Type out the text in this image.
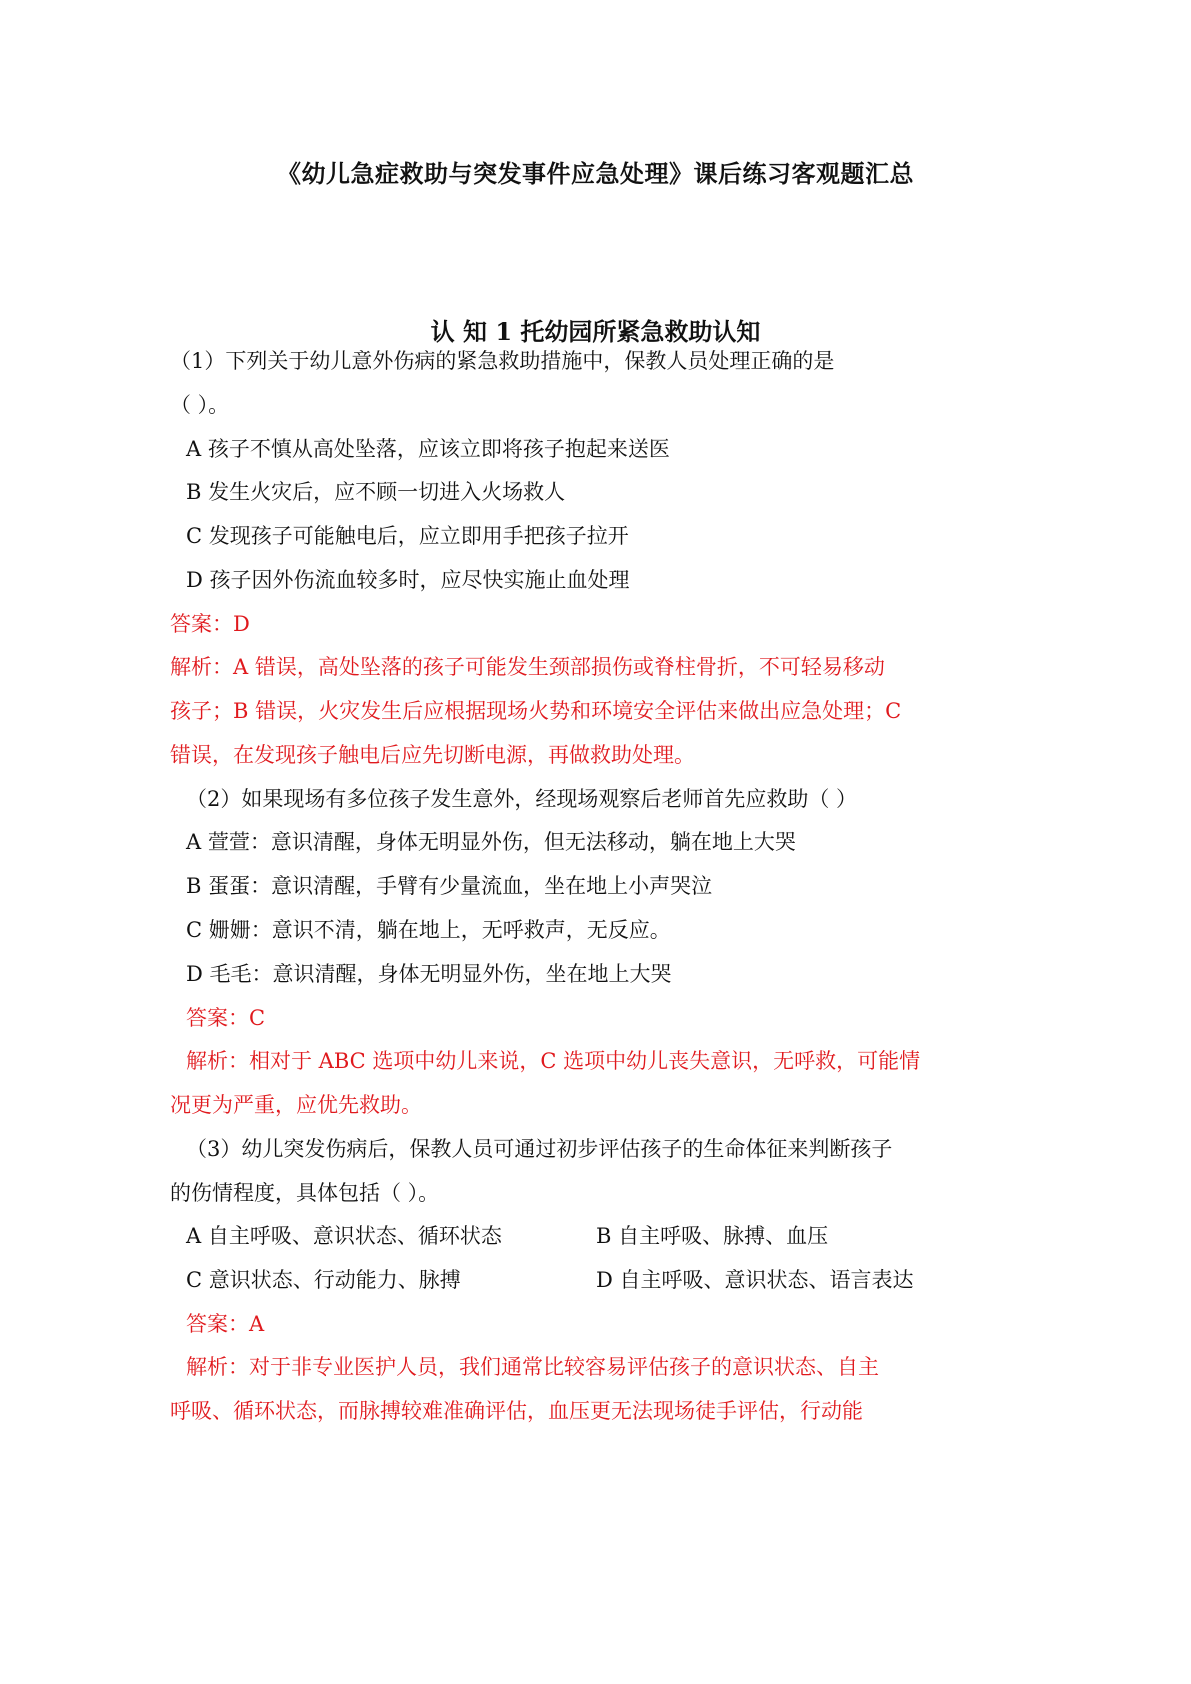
《幼儿急症救助与突发事件应急处理》课后练习客观题汇总
认 知 1 托幼园所紧急救助认知
（1）下列关于幼儿意外伤病的紧急救助措施中，保教人员处理正确的是
（ ）。
A 孩子不慎从高处坠落，应该立即将孩子抱起来送医
B 发生火灾后，应不顾一切进入火场救人
C 发现孩子可能触电后，应立即用手把孩子拉开
D 孩子因外伤流血较多时，应尽快实施止血处理
答案：D
解析：A 错误，高处坠落的孩子可能发生颈部损伤或脊柱骨折，不可轻易移动
孩子；B 错误，火灾发生后应根据现场火势和环境安全评估来做出应急处理；C
错误，在发现孩子触电后应先切断电源，再做救助处理。
（2）如果现场有多位孩子发生意外，经现场观察后老师首先应救助（ ）
A 萱萱：意识清醒，身体无明显外伤，但无法移动，躺在地上大哭
B 蛋蛋：意识清醒，手臂有少量流血，坐在地上小声哭泣
C 姗姗：意识不清，躺在地上，无呼救声，无反应。
D 毛毛：意识清醒，身体无明显外伤，坐在地上大哭
答案：C
解析：相对于 ABC 选项中幼儿来说，C 选项中幼儿丧失意识，无呼救，可能情
况更为严重，应优先救助。
（3）幼儿突发伤病后，保教人员可通过初步评估孩子的生命体征来判断孩子
的伤情程度，具体包括（ ）。
A 自主呼吸、意识状态、循环状态	B 自主呼吸、脉搏、血压
C 意识状态、行动能力、脉搏	D 自主呼吸、意识状态、语言表达
答案：A
解析：对于非专业医护人员，我们通常比较容易评估孩子的意识状态、自主
呼吸、循环状态，而脉搏较难准确评估，血压更无法现场徒手评估，行动能
